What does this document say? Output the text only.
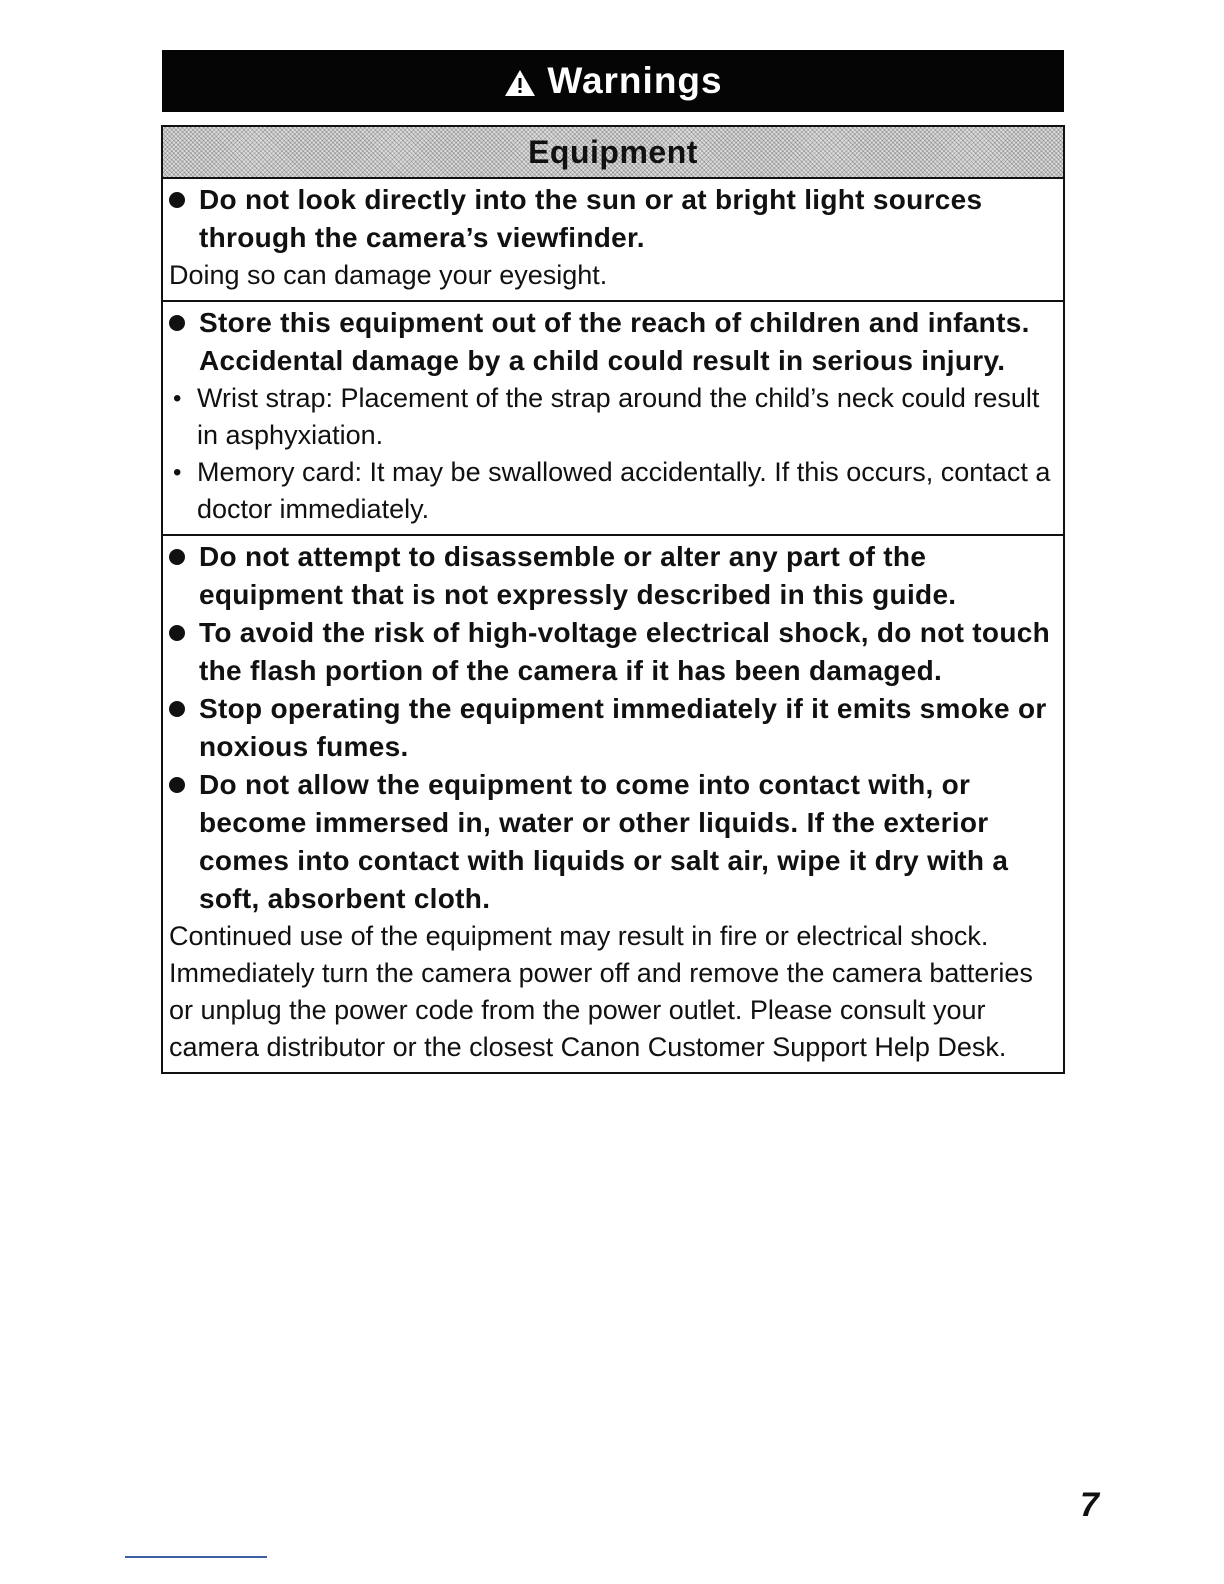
Warnings
Equipment
Do not look directly into the sun or at bright light sources through the camera’s viewfinder.
Doing so can damage your eyesight.
Store this equipment out of the reach of children and infants. Accidental damage by a child could result in serious injury.
• Wrist strap: Placement of the strap around the child’s neck could result in asphyxiation.
• Memory card: It may be swallowed accidentally. If this occurs, contact a doctor immediately.
Do not attempt to disassemble or alter any part of the equipment that is not expressly described in this guide.
To avoid the risk of high-voltage electrical shock, do not touch the flash portion of the camera if it has been damaged.
Stop operating the equipment immediately if it emits smoke or noxious fumes.
Do not allow the equipment to come into contact with, or become immersed in, water or other liquids. If the exterior comes into contact with liquids or salt air, wipe it dry with a soft, absorbent cloth.
Continued use of the equipment may result in fire or electrical shock. Immediately turn the camera power off and remove the camera batteries or unplug the power code from the power outlet. Please consult your camera distributor or the closest Canon Customer Support Help Desk.
7
